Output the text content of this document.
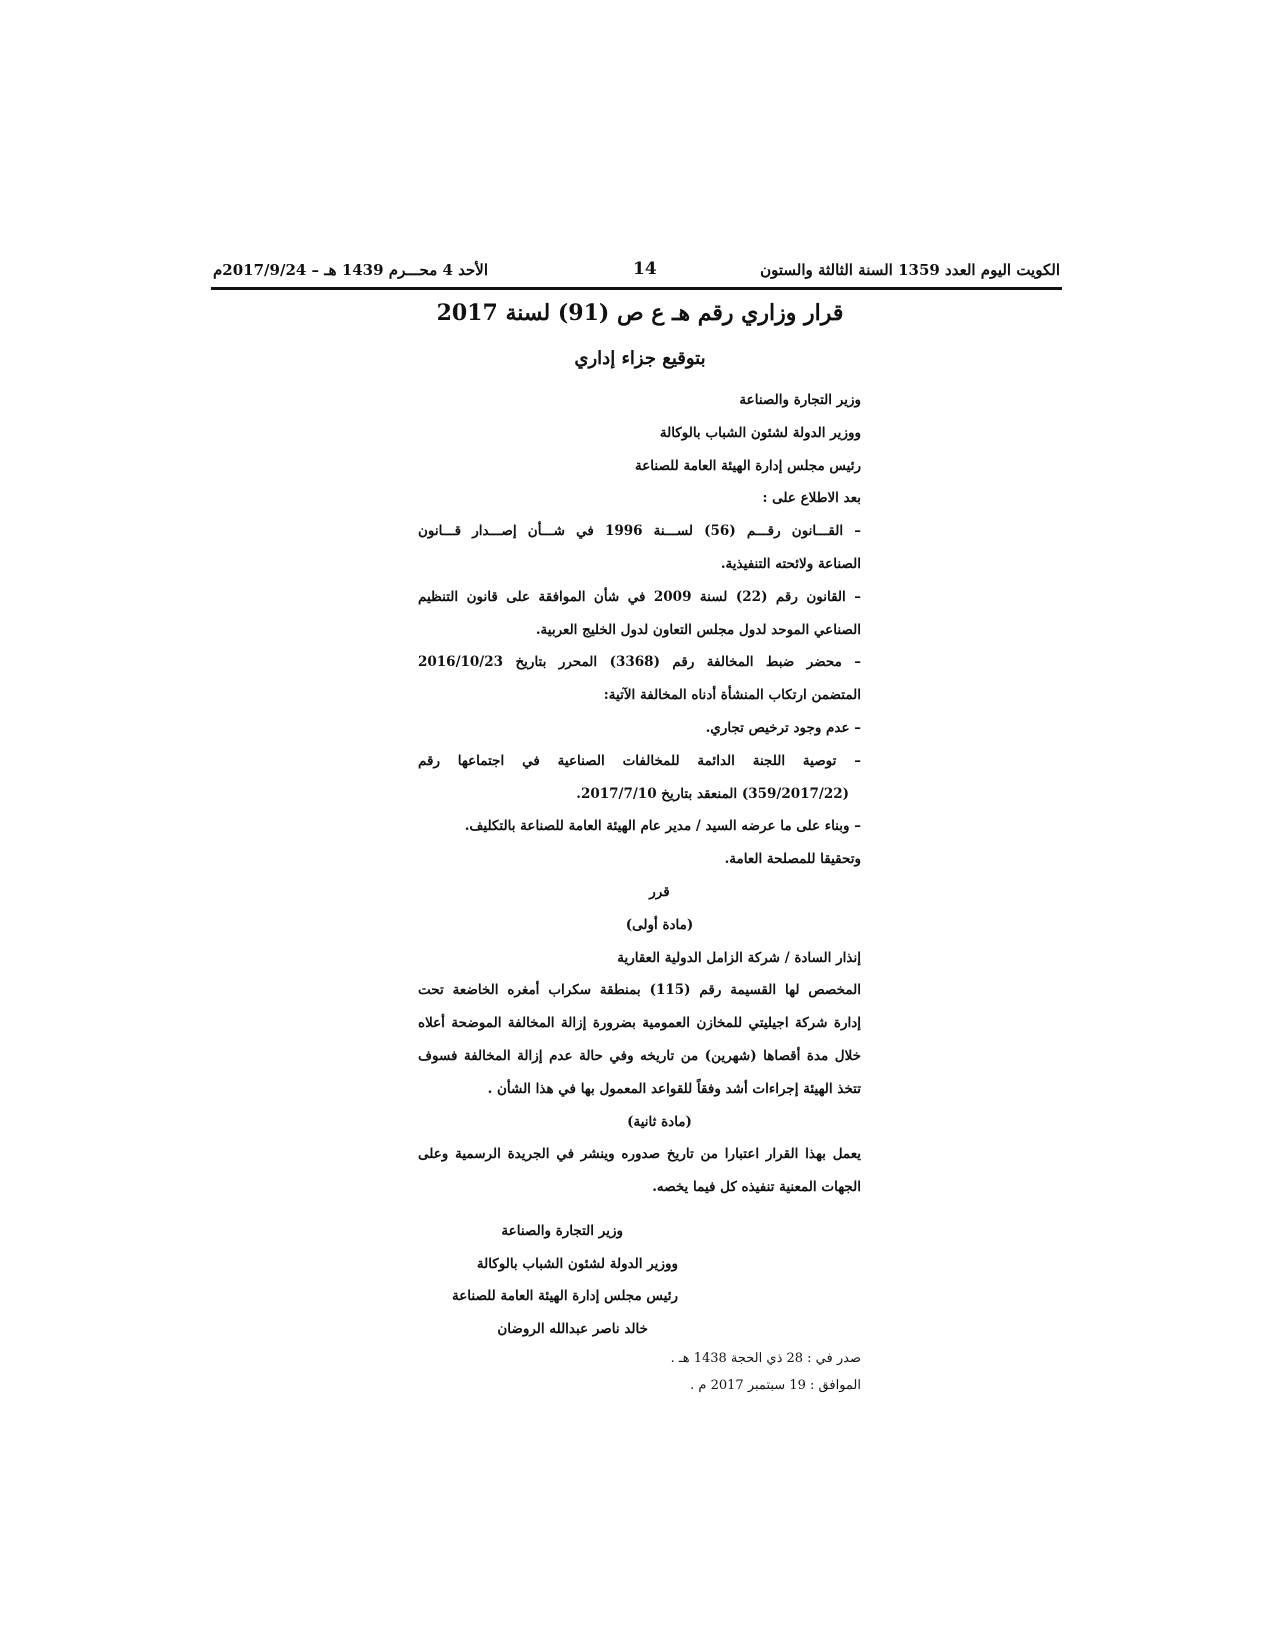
الكويت اليوم العدد 1359 السنة الثالثة والستون
14
الأحد 4 محـــرم 1439 هـ – 2017/9/24م
قرار وزاري رقم هـ ع ص (91) لسنة 2017
بتوقيع جزاء إداري

وزير التجارة والصناعة

ووزير الدولة لشئون الشباب بالوكالة

رئيس مجلس إدارة الهيئة العامة للصناعة

بعد الاطلاع على :

– القـــانون رقـــم (56) لســـنة 1996 في شـــأن إصـــدار قـــانون

الصناعة ولائحته التنفيذية.

– القانون رقم (22) لسنة 2009 في شأن الموافقة على قانون التنظيم

الصناعي الموحد لدول مجلس التعاون لدول الخليج العربية.

– محضر ضبط المخالفة رقم (3368) المحرر بتاريخ 2016/10/23

المتضمن ارتكاب المنشأة أدناه المخالفة الآتية:

– عدم وجود ترخيص تجاري.

– توصية اللجنة الدائمة للمخالفات الصناعية في اجتماعها رقم

(359/2017/22) المنعقد بتاريخ 2017/7/10.

– وبناء على ما عرضه السيد / مدير عام الهيئة العامة للصناعة بالتكليف.

وتحقيقا للمصلحة العامة.

قرر

(مادة أولى)

إنذار السادة / شركة الزامل الدولية العقارية

المخصص لها القسيمة رقم (115) بمنطقة سكراب أمغره الخاضعة تحت

إدارة شركة اجيليتي للمخازن العمومية بضرورة إزالة المخالفة الموضحة أعلاه

خلال مدة أقصاها (شهرين) من تاريخه وفي حالة عدم إزالة المخالفة فسوف

تتخذ الهيئة إجراءات أشد وفقاً للقواعد المعمول بها في هذا الشأن .

(مادة ثانية)

يعمل بهذا القرار اعتبارا من تاريخ صدوره وينشر في الجريدة الرسمية وعلى

الجهات المعنية تنفيذه كل فيما يخصه.

وزير التجارة والصناعة
ووزير الدولة لشئون الشباب بالوكالة
رئيس مجلس إدارة الهيئة العامة للصناعة
خالد ناصر عبدالله الروضان
صدر في : 28 ذي الحجة 1438 هـ .
الموافق : 19 سبتمبر 2017 م .
